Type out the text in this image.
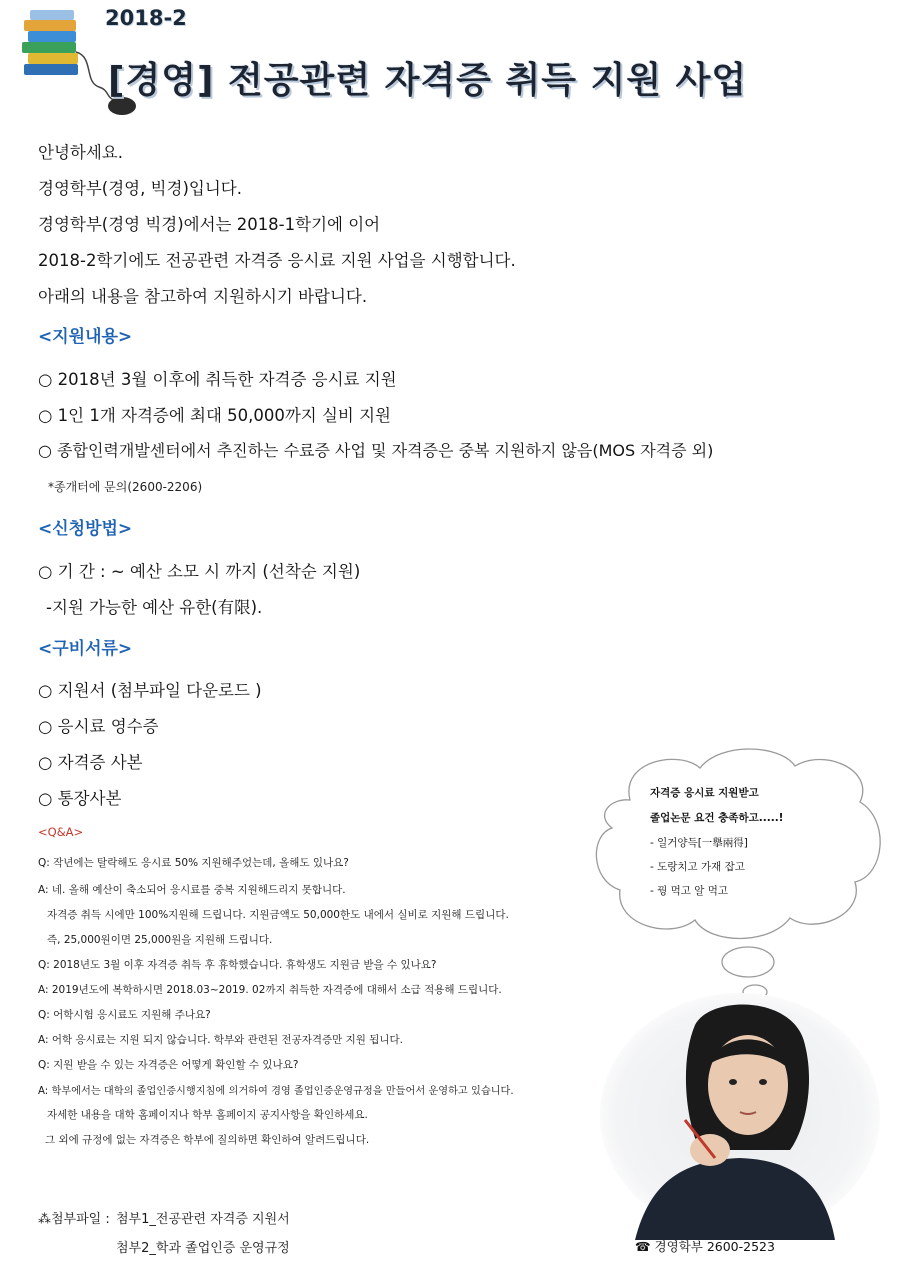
2018-2
[경영] 전공관련 자격증 취득 지원 사업
안녕하세요.
경영학부(경영, 빅경)입니다.
경영학부(경영 빅경)에서는 2018-1학기에 이어
2018-2학기에도 전공관련 자격증 응시료 지원 사업을 시행합니다.
아래의 내용을 참고하여 지원하시기 바랍니다.
<지원내용>
○ 2018년 3월 이후에 취득한 자격증 응시료 지원
○ 1인 1개 자격증에 최대 50,000까지 실비 지원
○ 종합인력개발센터에서 추진하는 수료증 사업 및 자격증은 중복 지원하지 않음(MOS 자격증 외)
*종개터에 문의(2600-2206)
<신청방법>
○ 기 간 : ~ 예산 소모 시 까지 (선착순 지원)
-지원 가능한 예산 유한(有限).
<구비서류>
○ 지원서 (첨부파일 다운로드 )
○ 응시료 영수증
○ 자격증 사본
○ 통장사본
<Q&A>
Q: 작년에는 탈락해도 응시료 50% 지원해주었는데, 올해도 있나요?
A: 네. 올해 예산이 축소되어 응시료를 중복 지원해드리지 못합니다.
자격증 취득 시에만 100%지원해 드립니다. 지원금액도 50,000한도 내에서 실비로 지원해 드립니다.
즉, 25,000원이면 25,000원을 지원해 드립니다.
Q: 2018년도 3월 이후 자격증 취득 후 휴학했습니다. 휴학생도 지원금 받을 수 있나요?
A: 2019년도에 복학하시면 2018.03~2019. 02까지 취득한 자격증에 대해서 소급 적용해 드립니다.
Q: 어학시험 응시료도 지원해 주나요?
A: 어학 응시료는 지원 되지 않습니다. 학부와 관련된 전공자격증만 지원 됩니다.
Q: 지원 받을 수 있는 자격증은 어떻게 확인할 수 있나요?
A: 학부에서는 대학의 졸업인증시행지침에 의거하여 경영 졸업인증운영규정을 만들어서 운영하고 있습니다.
자세한 내용을 대학 홈페이지나 학부 홈페이지 공지사항을 확인하세요.
그 외에 규정에 없는 자격증은 학부에 질의하면 확인하여 알려드립니다.
자격증 응시료 지원받고
졸업논문 요건 충족하고.....!
- 일거양득[一擧兩得]
- 도랑치고 가재 잡고
- 꿩 먹고 알 먹고
⁂첨부파일 : 첨부1_전공관련 자격증 지원서
첨부2_학과 졸업인증 운영규정	☎ 경영학부 2600-2523
